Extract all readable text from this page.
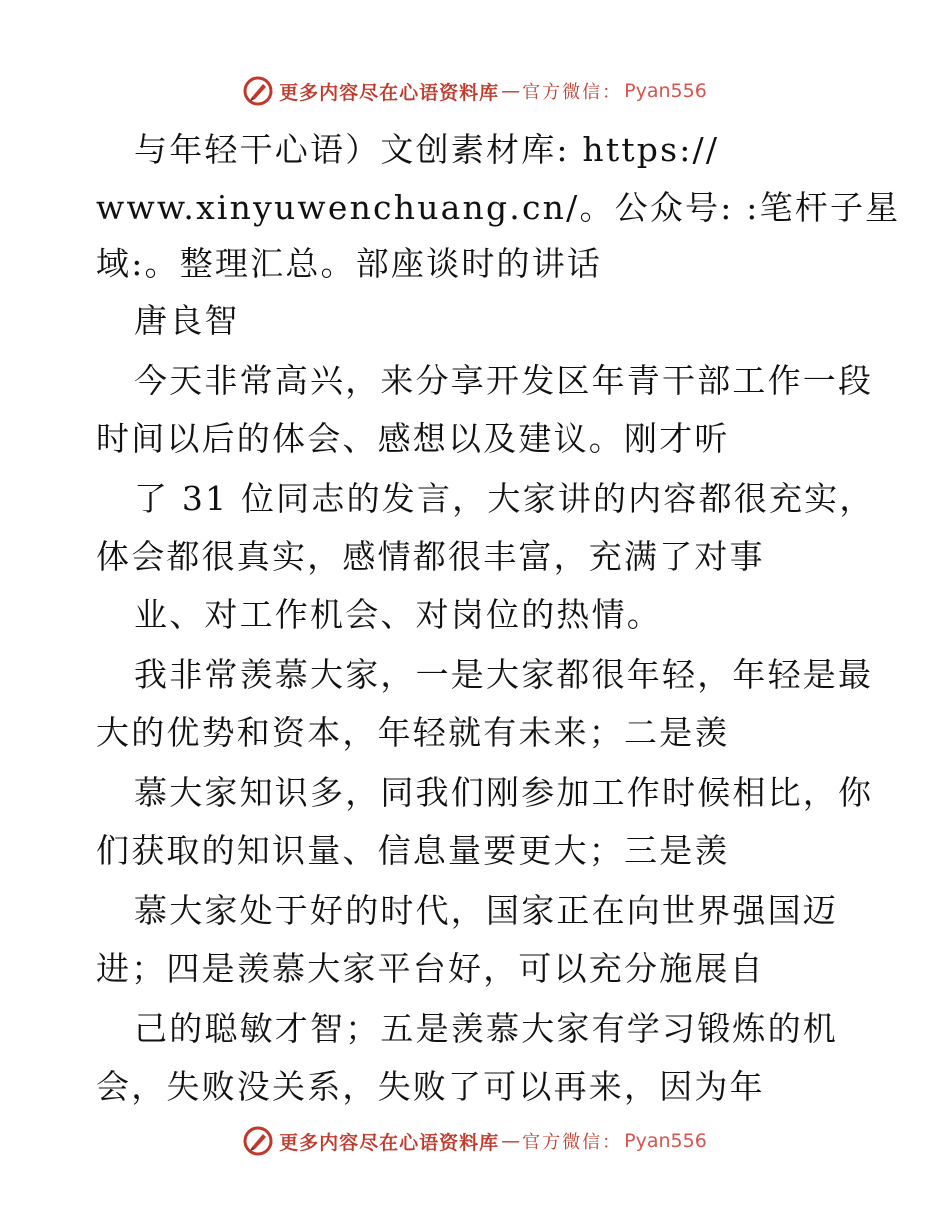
更多内容尽在心语资料库 — 官方微信： Pyan556
与年轻干心语）文创素材库: https://
www.xinyuwenchuang.cn/。公众号: :笔杆子星
域:。整理汇总。部座谈时的讲话
唐良智
今天非常高兴，来分享开发区年青干部工作一段
时间以后的体会、感想以及建议。刚才听
了 31 位同志的发言，大家讲的内容都很充实，
体会都很真实，感情都很丰富，充满了对事
业、对工作机会、对岗位的热情。
我非常羡慕大家，一是大家都很年轻，年轻是最
大的优势和资本，年轻就有未来；二是羡
慕大家知识多，同我们刚参加工作时候相比，你
们获取的知识量、信息量要更大；三是羡
慕大家处于好的时代，国家正在向世界强国迈
进；四是羡慕大家平台好，可以充分施展自
己的聪敏才智；五是羡慕大家有学习锻炼的机
会，失败没关系，失败了可以再来，因为年
更多内容尽在心语资料库 — 官方微信： Pyan556
